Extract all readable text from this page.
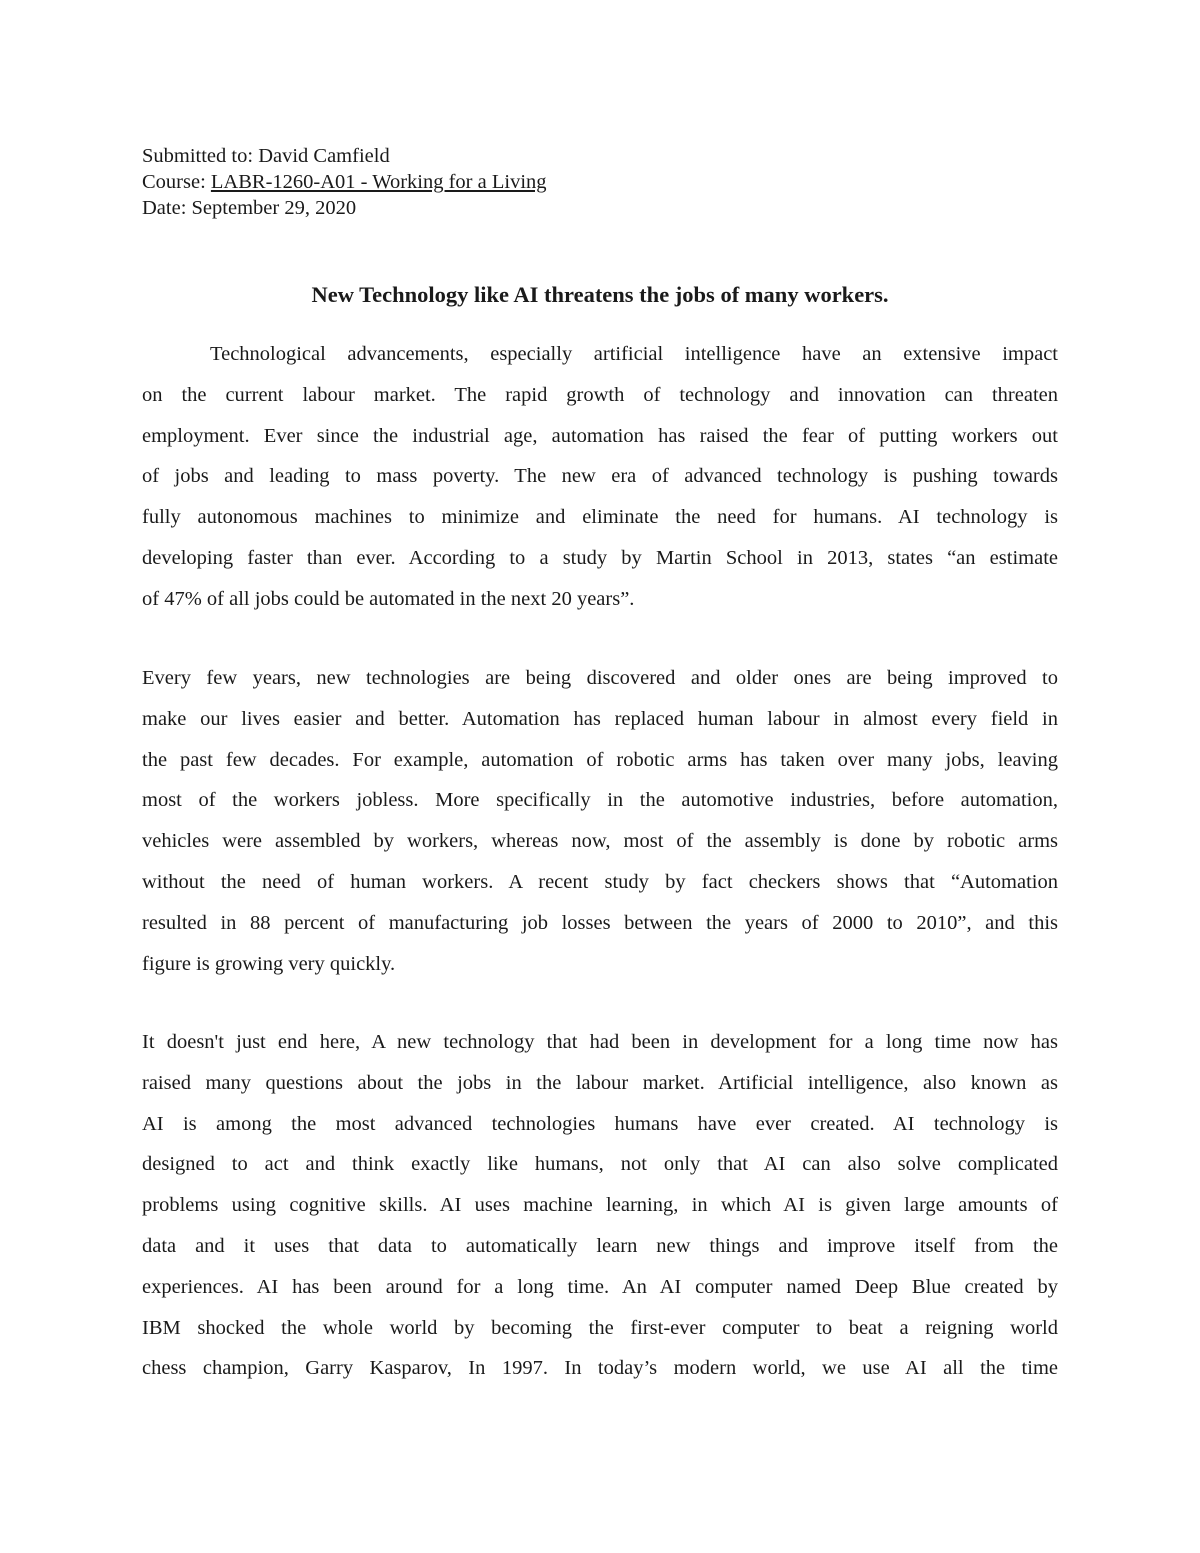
Submitted to: David Camfield
Course: LABR-1260-A01 - Working for a Living
Date: September 29, 2020
New Technology like AI threatens the jobs of many workers.
Technological advancements, especially artificial intelligence have an extensive impact
on the current labour market. The rapid growth of technology and innovation can threaten
employment. Ever since the industrial age, automation has raised the fear of putting workers out
of jobs and leading to mass poverty. The new era of advanced technology is pushing towards
fully autonomous machines to minimize and eliminate the need for humans. AI technology is
developing faster than ever. According to a study by Martin School in 2013, states “an estimate
of 47% of all jobs could be automated in the next 20 years”.
Every few years, new technologies are being discovered and older ones are being improved to
make our lives easier and better. Automation has replaced human labour in almost every field in
the past few decades. For example, automation of robotic arms has taken over many jobs, leaving
most of the workers jobless. More specifically in the automotive industries, before automation,
vehicles were assembled by workers, whereas now, most of the assembly is done by robotic arms
without the need of human workers. A recent study by fact checkers shows that “Automation
resulted in 88 percent of manufacturing job losses between the years of 2000 to 2010”, and this
figure is growing very quickly.
It doesn't just end here, A new technology that had been in development for a long time now has
raised many questions about the jobs in the labour market. Artificial intelligence, also known as
AI is among the most advanced technologies humans have ever created. AI technology is
designed to act and think exactly like humans, not only that AI can also solve complicated
problems using cognitive skills. AI uses machine learning, in which AI is given large amounts of
data and it uses that data to automatically learn new things and improve itself from the
experiences. AI has been around for a long time. An AI computer named Deep Blue created by
IBM shocked the whole world by becoming the first-ever computer to beat a reigning world
chess champion, Garry Kasparov, In 1997. In today’s modern world, we use AI all the time
